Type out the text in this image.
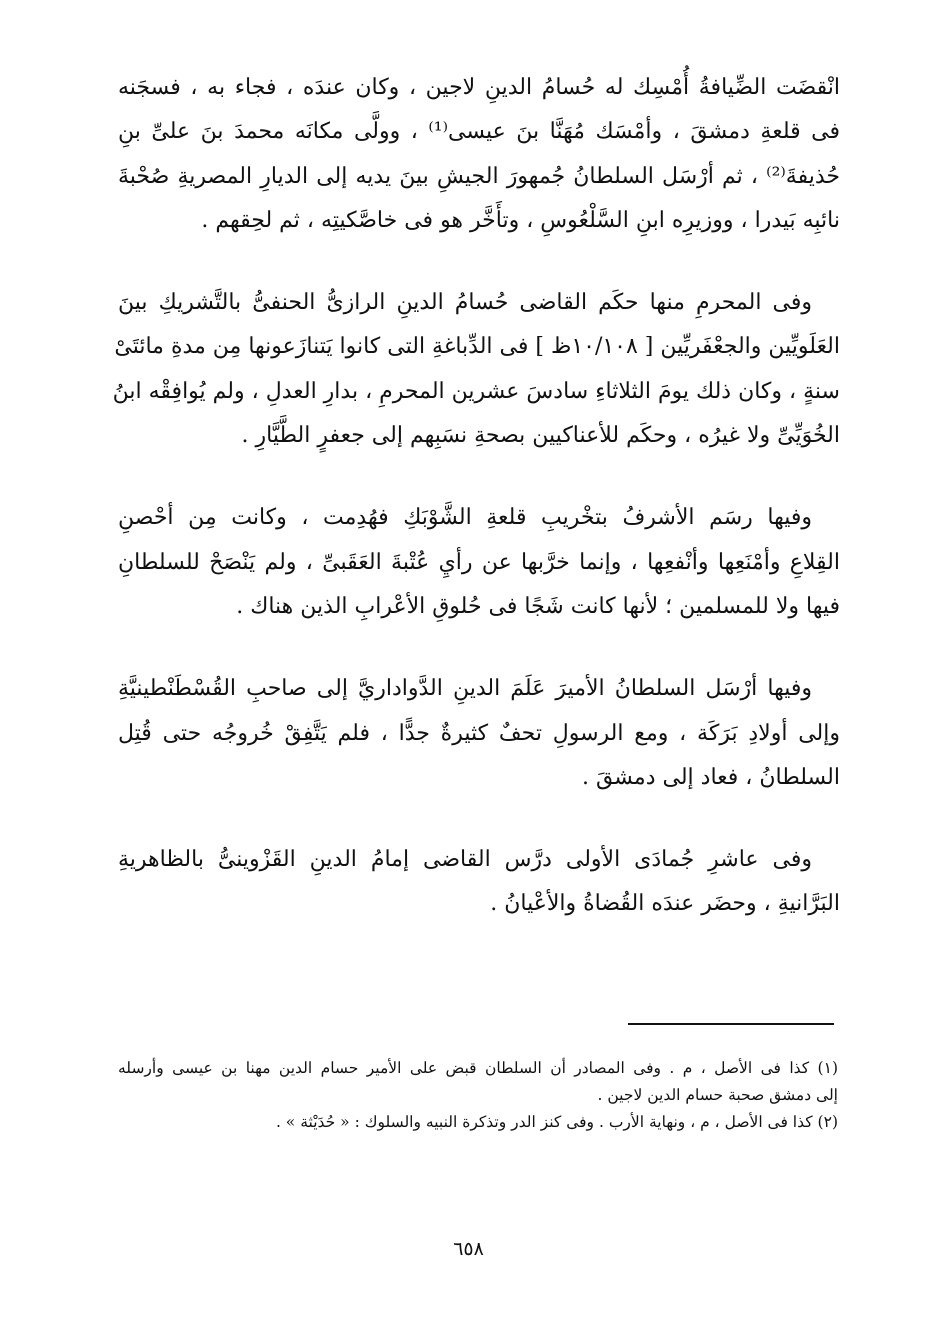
انْقضَت الضِّيافةُ أُمْسِك له حُسامُ الدينِ لاجين ، وكان عندَه ، فجاء به ، فسجَنه
فى قلعةِ دمشقَ ، وأمْسَك مُهَنَّا بنَ عيسى⁽¹⁾ ، وولَّى مكانَه محمدَ بنَ علىِّ بنِ
حُذيفةَ⁽²⁾ ، ثم أرْسَل السلطانُ جُمهورَ الجيشِ بينَ يديه إلى الديارِ المصريةِ صُحْبةَ
نائبِه بَيدرا ، ووزيرِه ابنِ السَّلْعُوسِ ، وتأَخَّر هو فى خاصَّكيتِه ، ثم لحِقهم .
وفى المحرمِ منها حكَم القاضى حُسامُ الدينِ الرازىُّ الحنفىُّ بالتَّشريكِ بينَ
العَلَويِّين والجعْفَريِّين [ ١٠/١٠٨ظ ] فى الدِّباغةِ التى كانوا يَتنازَعونها مِن مدةِ مائتَىْ
سنةٍ ، وكان ذلك يومَ الثلاثاءِ سادسَ عشرين المحرمِ ، بدارِ العدلِ ، ولم يُوافِقْه ابنُ
الخُوَيِّىِّ ولا غيرُه ، وحكَم للأعناكيين بصحةِ نسَبِهم إلى جعفرٍ الطَّيَّارِ .
وفيها رسَم الأشرفُ بتخْريبِ قلعةِ الشَّوْبَكِ فهُدِمت ، وكانت مِن أحْصنِ
القِلاعِ وأمْنَعِها وأنْفعِها ، وإنما خرَّبها عن رأيِ عُتْبةَ العَقَبىِّ ، ولم يَنْصَحْ للسلطانِ
فيها ولا للمسلمين ؛ لأنها كانت شَجًا فى حُلوقِ الأعْرابِ الذين هناك .
وفيها أرْسَل السلطانُ الأميرَ عَلَمَ الدينِ الدَّواداريَّ إلى صاحبِ القُسْطَنْطينيَّةِ
وإلى أولادِ بَرَكَة ، ومع الرسولِ تحفٌ كثيرةٌ جدًّا ، فلم يَتَّفِقْ خُروجُه حتى قُتِل
السلطانُ ، فعاد إلى دمشقَ .
وفى عاشرِ جُمادَى الأولى درَّس القاضى إمامُ الدينِ القَزْوينىُّ بالظاهريةِ
البَرَّانيةِ ، وحضَر عندَه القُضاةُ والأعْيانُ .
(١) كذا فى الأصل ، م . وفى المصادر أن السلطان قبض على الأمير حسام الدين مهنا بن عيسى وأرسله
إلى دمشق صحبة حسام الدين لاجين .
(٢) كذا فى الأصل ، م ، ونهاية الأرب . وفى كنز الدر وتذكرة النبيه والسلوك : « حُدَيْثة » .
٦٥٨
